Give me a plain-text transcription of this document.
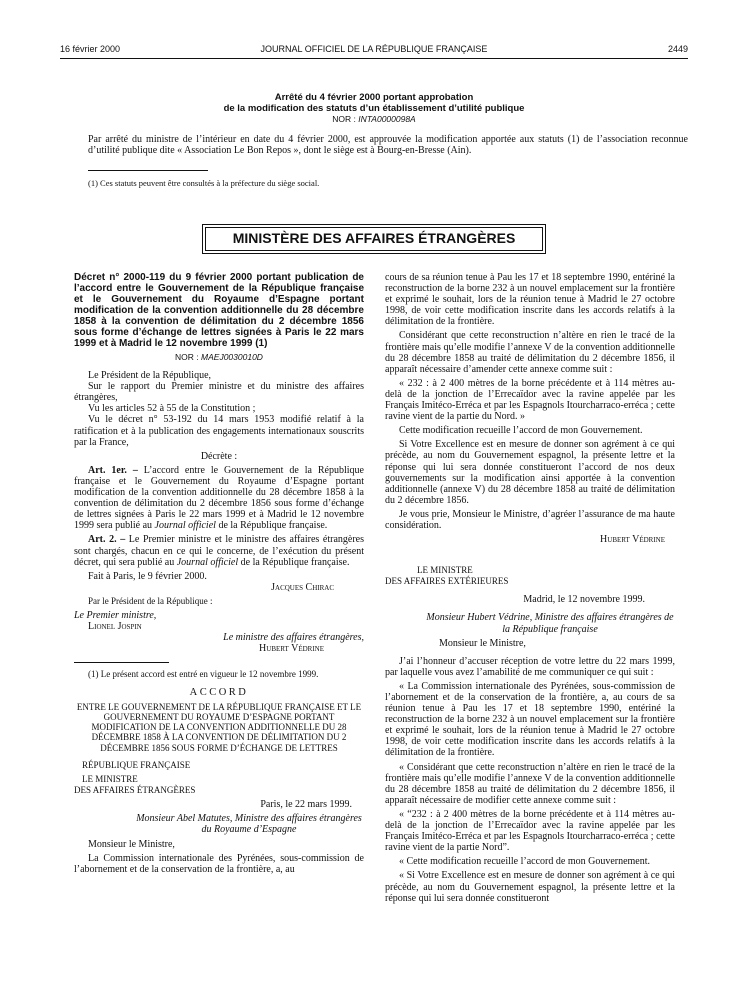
16 février 2000	JOURNAL OFFICIEL DE LA RÉPUBLIQUE FRANÇAISE	2449
Arrêté du 4 février 2000 portant approbation
de la modification des statuts d’un établissement d’utilité publique
NOR : INTA0000098A
Par arrêté du ministre de l’intérieur en date du 4 février 2000, est approuvée la modification apportée aux statuts (1) de l’association reconnue d’utilité publique dite « Association Le Bon Repos », dont le siège est à Bourg-en-Bresse (Ain).
(1) Ces statuts peuvent être consultés à la préfecture du siège social.
MINISTÈRE DES AFFAIRES ÉTRANGÈRES

Décret n° 2000-119 du 9 février 2000 portant publication de l’accord entre le Gouvernement de la République française et le Gouvernement du Royaume d’Espagne portant modification de la convention additionnelle du 28 décembre 1858 à la convention de délimitation du 2 décembre 1856 sous forme d’échange de lettres signées à Paris le 22 mars 1999 et à Madrid le 12 novembre 1999 (1)

NOR : MAEJ0030010D

Le Président de la République,

Sur le rapport du Premier ministre et du ministre des affaires étrangères,

Vu les articles 52 à 55 de la Constitution ;

Vu le décret n° 53-192 du 14 mars 1953 modifié relatif à la ratification et à la publication des engagements internationaux souscrits par la France,

Décrète :

Art. 1er. – L’accord entre le Gouvernement de la République française et le Gouvernement du Royaume d’Espagne portant modification de la convention additionnelle du 28 décembre 1858 à la convention de délimitation du 2 décembre 1856 sous forme d’échange de lettres signées à Paris le 22 mars 1999 et à Madrid le 12 novembre 1999 sera publié au Journal officiel de la République française.

Art. 2. – Le Premier ministre et le ministre des affaires étrangères sont chargés, chacun en ce qui le concerne, de l’exécution du présent décret, qui sera publié au Journal officiel de la République française.

Fait à Paris, le 9 février 2000.

Jacques Chirac

Par le Président de la République :

Le Premier ministre,

Lionel Jospin

Le ministre des affaires étrangères,

Hubert Védrine

(1) Le présent accord est entré en vigueur le 12 novembre 1999.

ACCORD

ENTRE LE GOUVERNEMENT DE LA RÉPUBLIQUE FRANÇAISE ET LE GOUVERNEMENT DU ROYAUME D’ESPAGNE PORTANT MODIFICATION DE LA CONVENTION ADDITIONNELLE DU 28 DÉCEMBRE 1858 À LA CONVENTION DE DÉLIMITATION DU 2 DÉCEMBRE 1856 SOUS FORME D’ÉCHANGE DE LETTRES

RÉPUBLIQUE FRANÇAISE

LE MINISTRE

DES AFFAIRES ÉTRANGÈRES

Paris, le 22 mars 1999.

Monsieur Abel Matutes, Ministre des affaires étrangères du Royaume d’Espagne

Monsieur le Ministre,

La Commission internationale des Pyrénées, sous-commission de l’abornement et de la conservation de la frontière, a, au

cours de sa réunion tenue à Pau les 17 et 18 septembre 1990, entériné la reconstruction de la borne 232 à un nouvel emplacement sur la frontière et exprimé le souhait, lors de la réunion tenue à Madrid le 27 octobre 1998, de voir cette modification inscrite dans les accords relatifs à la délimitation de la frontière.

Considérant que cette reconstruction n’altère en rien le tracé de la frontière mais qu’elle modifie l’annexe V de la convention additionnelle du 28 décembre 1858 au traité de délimitation du 2 décembre 1856, il apparaît nécessaire d’amender cette annexe comme suit :

« 232 : à 2 400 mètres de la borne précédente et à 114 mètres au-delà de la jonction de l’Errecaïdor avec la ravine appelée par les Français Imitéco-Erréca et par les Espagnols Itourcharraco-erréca ; cette ravine vient de la partie du Nord. »

Cette modification recueille l’accord de mon Gouvernement.

Si Votre Excellence est en mesure de donner son agrément à ce qui précède, au nom du Gouvernement espagnol, la présente lettre et la réponse qui lui sera donnée constitueront l’accord de nos deux gouvernements sur la modification ainsi apportée à la convention additionnelle (annexe V) du 28 décembre 1858 au traité de délimitation du 2 décembre 1856.

Je vous prie, Monsieur le Ministre, d’agréer l’assurance de ma haute considération.

Hubert Védrine

LE MINISTRE

DES AFFAIRES EXTÉRIEURES

Madrid, le 12 novembre 1999.

Monsieur Hubert Védrine, Ministre des affaires étrangères de la République française

Monsieur le Ministre,

J’ai l’honneur d’accuser réception de votre lettre du 22 mars 1999, par laquelle vous avez l’amabilité de me communiquer ce qui suit :

« La Commission internationale des Pyrénées, sous-commission de l’abornement et de la conservation de la frontière, a, au cours de sa réunion tenue à Pau les 17 et 18 septembre 1990, entériné la reconstruction de la borne 232 à un nouvel emplacement sur la frontière et exprimé le souhait, lors de la réunion tenue à Madrid le 27 octobre 1998, de voir cette modification inscrite dans les accords relatifs à la délimitation de la frontière.

« Considérant que cette reconstruction n’altère en rien le tracé de la frontière mais qu’elle modifie l’annexe V de la convention additionnelle du 28 décembre 1858 au traité de délimitation du 2 décembre 1856, il apparaît nécessaire de modifier cette annexe comme suit :

« “232 : à 2 400 mètres de la borne précédente et à 114 mètres au-delà de la jonction de l’Errecaïdor avec la ravine appelée par les Français Imitéco-Erréca et par les Espagnols Itourcharraco-erréca ; cette ravine vient de la partie Nord”.

« Cette modification recueille l’accord de mon Gouvernement.

« Si Votre Excellence est en mesure de donner son agrément à ce qui précède, au nom du Gouvernement espagnol, la présente lettre et la réponse qui lui sera donnée constitueront
